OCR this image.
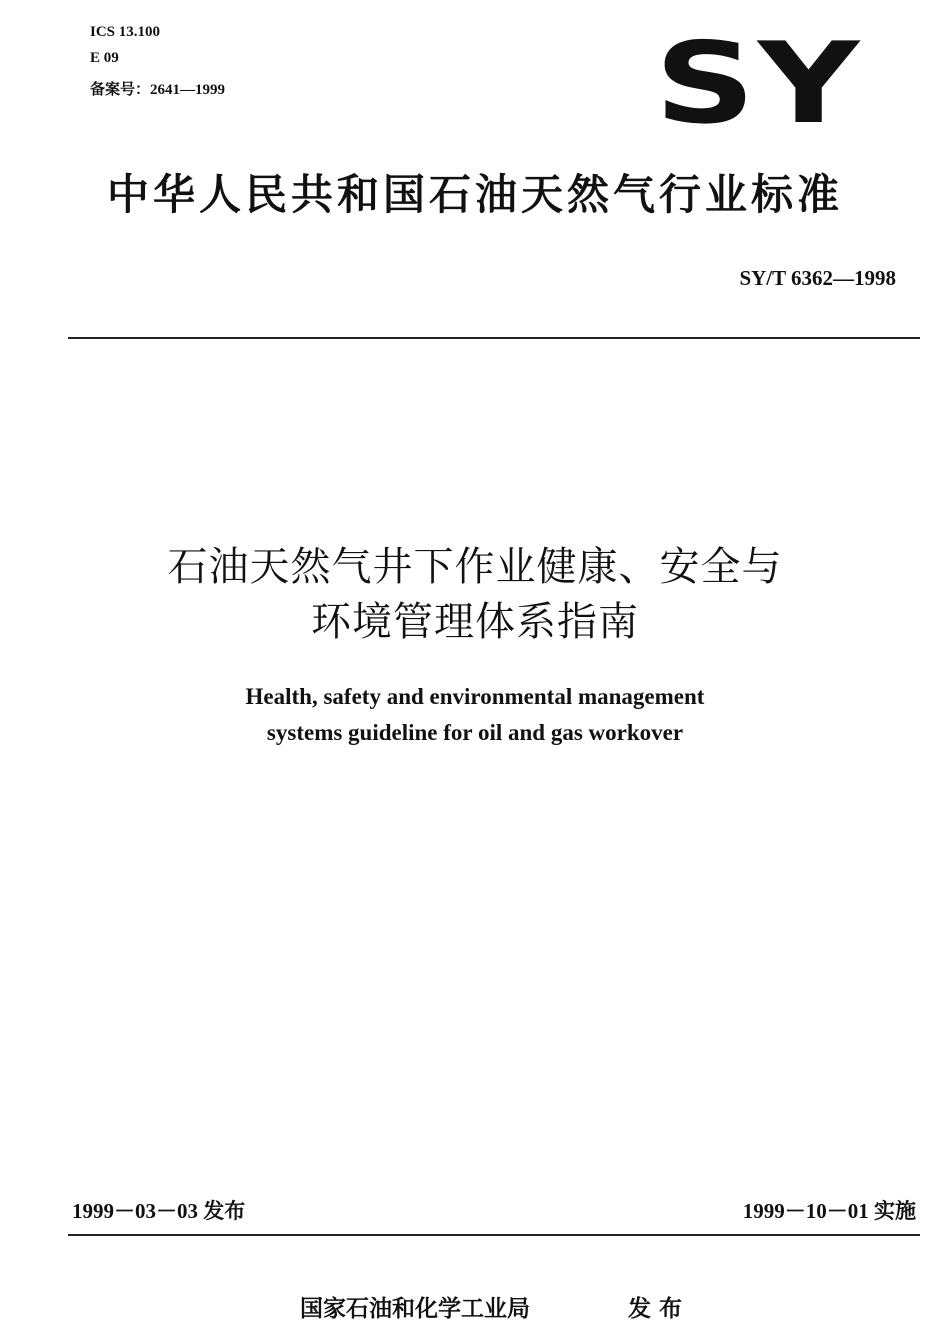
ICS 13.100
E 09
备案号：2641—1999	SY
中华人民共和国石油天然气行业标准
SY/T 6362—1998
石油天然气井下作业健康、安全与
环境管理体系指南
Health, safety and environmental management
systems guideline for oil and gas workover
1999－03－03 发布	1999－10－01 实施
国家石油和化学工业局	发 布
